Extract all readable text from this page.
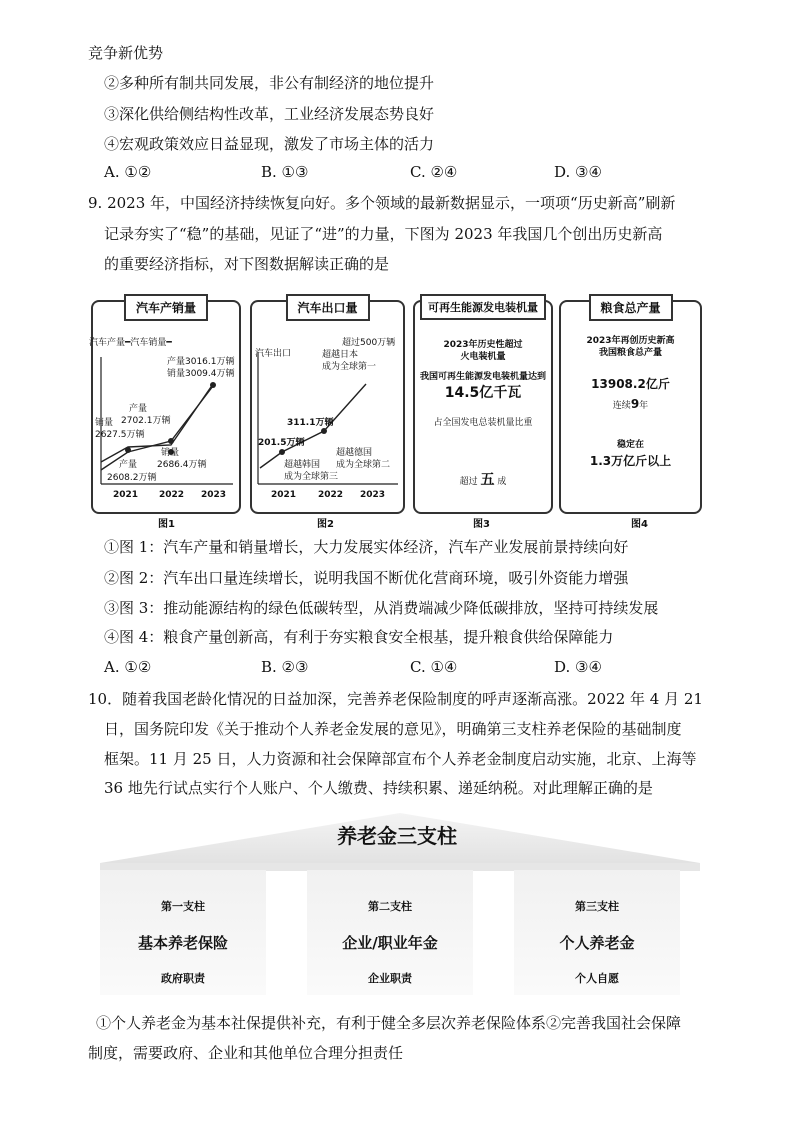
竞争新优势
②多种所有制共同发展，非公有制经济的地位提升
③深化供给侧结构性改革，工业经济发展态势良好
④宏观政策效应日益显现，激发了市场主体的活力
A. ①②	B. ①③	C. ②④	D. ③④
9. 2023 年，中国经济持续恢复向好。多个领域的最新数据显示，一项项“历史新高”刷新
记录夯实了“稳”的基础，见证了“进”的力量，下图为 2023 年我国几个创出历史新高
的重要经济指标，对下图数据解读正确的是
汽车产销量
汽车产量━汽车销量━
产量3016.1万辆
销量3009.4万辆
产量
2702.1万辆
销量
2627.5万辆
销量
2686.4万辆
产量
2608.2万辆
2021 2022 2023
图1
汽车出口量
汽车出口
超过500万辆
超越日本
成为全球第一
311.1万辆
201.5万辆
超越德国
成为全球第二
超越韩国
成为全球第三
2021 2022 2023
图2
可再生能源发电装机量
2023年历史性超过
火电装机量
我国可再生能源发电装机量达到
14.5亿千瓦
占全国发电总装机量比重
超过 五 成
图3
粮食总产量
2023年再创历史新高
我国粮食总产量
13908.2亿斤
连续9年
稳定在
1.3万亿斤以上
图4
①图 1：汽车产量和销量增长，大力发展实体经济，汽车产业发展前景持续向好
②图 2：汽车出口量连续增长，说明我国不断优化营商环境，吸引外资能力增强
③图 3：推动能源结构的绿色低碳转型，从消费端减少降低碳排放，坚持可持续发展
④图 4：粮食产量创新高，有利于夯实粮食安全根基，提升粮食供给保障能力
A. ①②	B. ②③	C. ①④	D. ③④
10．随着我国老龄化情况的日益加深，完善养老保险制度的呼声逐渐高涨。2022 年 4 月 21
日，国务院印发《关于推动个人养老金发展的意见》，明确第三支柱养老保险的基础制度
框架。11 月 25 日，人力资源和社会保障部宣布个人养老金制度启动实施，北京、上海等
36 地先行试点实行个人账户、个人缴费、持续积累、递延纳税。对此理解正确的是
养老金三支柱
第一支柱
基本养老保险
政府职责
第二支柱
企业/职业年金
企业职责
第三支柱
个人养老金
个人自愿
①个人养老金为基本社保提供补充，有利于健全多层次养老保险体系②完善我国社会保障
制度，需要政府、企业和其他单位合理分担责任
